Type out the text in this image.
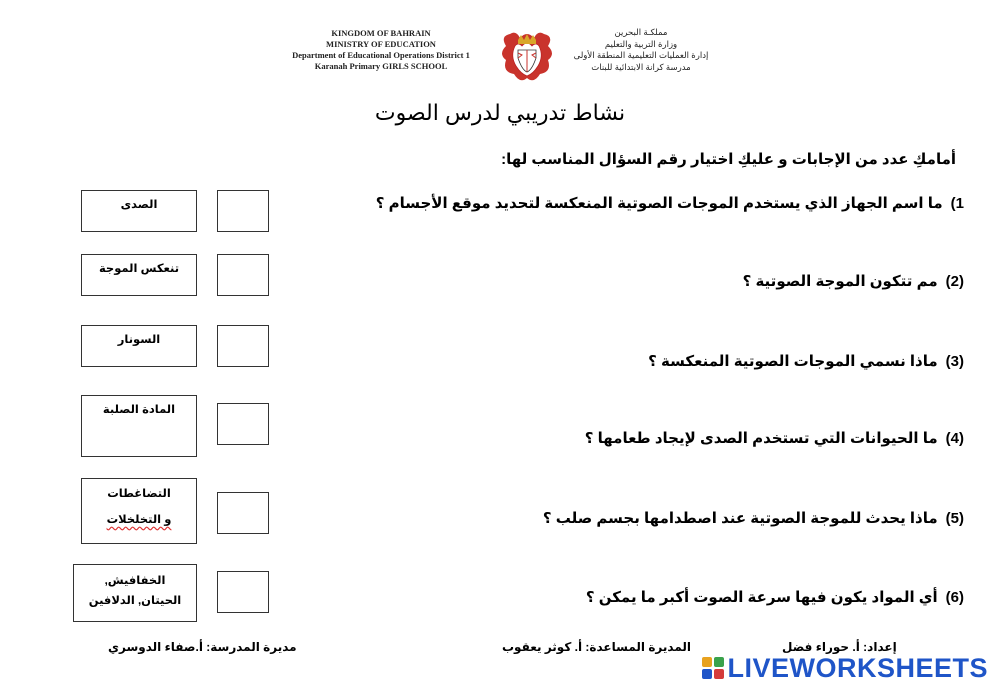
KINGDOM OF BAHRAIN
MINISTRY OF EDUCATION
Department of Educational Operations District 1
Karanah Primary GIRLS SCHOOL
مملكـة البحرين
وزارة التربية والتعليم
إدارة العمليات التعليمية المنطقة الأولى
مدرسة كرانة الابتدائية للبنات
نشاط تدريبي لدرس الصوت
أمامكِ عدد من الإجابات و عليكِ اختيار رقم السؤال المناسب لها:
1)ما اسم الجهاز الذي يستخدم الموجات الصوتية المنعكسة لتحديد موقع الأجسام ؟
(2)مم تتكون الموجة الصوتية ؟
(3)ماذا نسمي الموجات الصوتية المنعكسة ؟
(4)ما الحيوانات التي تستخدم الصدى لإيجاد طعامها ؟
(5)ماذا يحدث للموجة الصوتية عند اصطدامها بجسم صلب ؟
(6)أي المواد يكون فيها سرعة الصوت أكبر ما يمكن ؟
الصدى
تنعكس الموجة
السونار
المادة الصلبة
التضاغطات
و التخلخلات
الخفافيش,
الحيتان, الدلافين
إعداد: أ. حوراء فضل
المديرة المساعدة: أ. كوثر يعقوب
مديرة المدرسة: أ.صفاء الدوسري
LIVEWORKSHEETS
